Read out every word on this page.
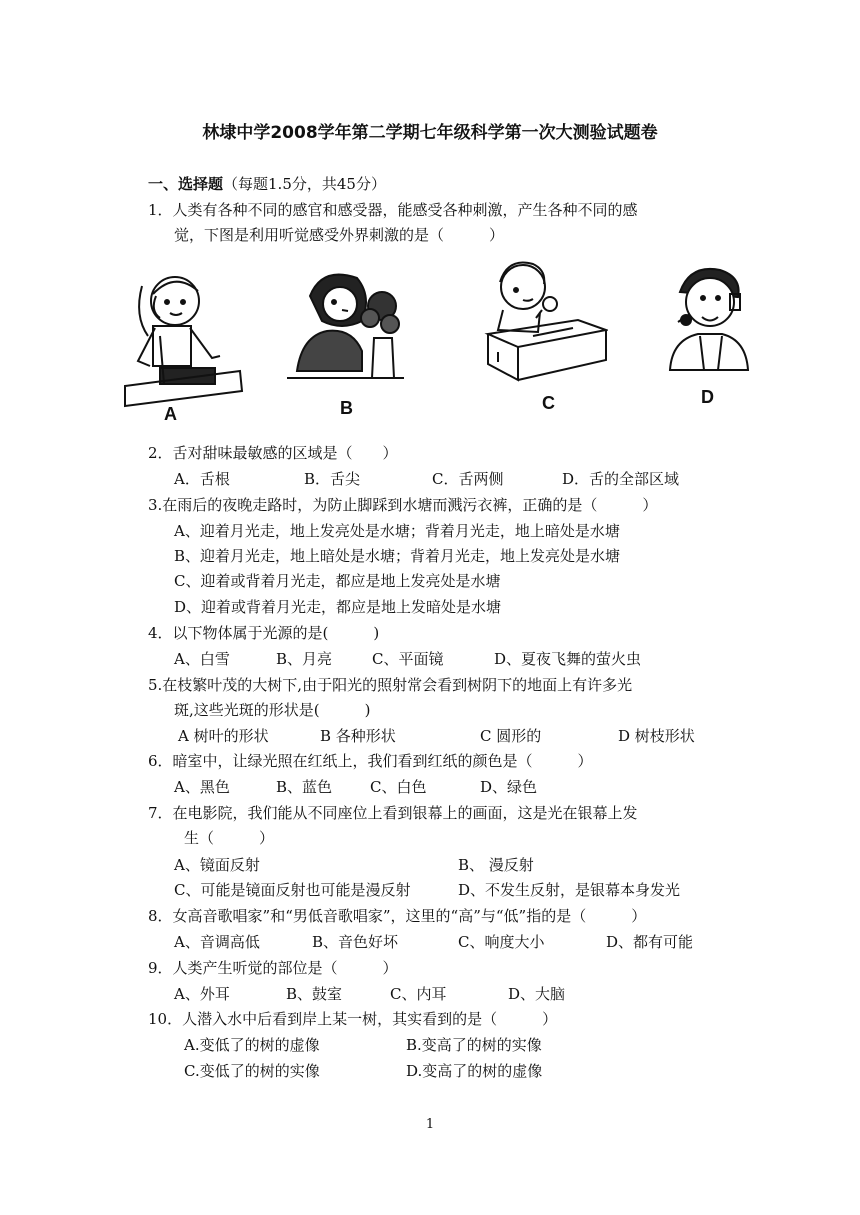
林埭中学2008学年第二学期七年级科学第一次大测验试题卷
一、选择题（每题1.5分，共45分）
1．人类有各种不同的感官和感受器，能感受各种刺激，产生各种不同的感
觉，下图是利用听觉感受外界刺激的是（　　　）
A	B	C	D
2．舌对甜味最敏感的区域是（　　）
A．舌根	B．舌尖	C．舌两侧	D．舌的全部区域
3.在雨后的夜晚走路时，为防止脚踩到水塘而溅污衣裤，正确的是（　　　）
A、迎着月光走，地上发亮处是水塘；背着月光走，地上暗处是水塘
B、迎着月光走，地上暗处是水塘；背着月光走，地上发亮处是水塘
C、迎着或背着月光走，都应是地上发亮处是水塘
D、迎着或背着月光走，都应是地上发暗处是水塘
4．以下物体属于光源的是(　　　)
A、白雪	B、月亮	C、平面镜	D、夏夜飞舞的萤火虫
5.在枝繁叶茂的大树下,由于阳光的照射常会看到树阴下的地面上有许多光
斑,这些光斑的形状是(　　　)
A 树叶的形状	B 各种形状	C 圆形的	D 树枝形状
6．暗室中，让绿光照在红纸上，我们看到红纸的颜色是（　　　）
A、黑色	B、蓝色	C、白色	D、绿色
7．在电影院，我们能从不同座位上看到银幕上的画面，这是光在银幕上发
生（　　　）
A、镜面反射	B、 漫反射
C、可能是镜面反射也可能是漫反射	D、不发生反射，是银幕本身发光
8．女高音歌唱家”和“男低音歌唱家”，这里的“高”与“低”指的是（　　　）
A、音调高低	B、音色好坏	C、响度大小	D、都有可能
9．人类产生听觉的部位是（　　　）
A、外耳	B、鼓室	C、内耳	D、大脑
10．人潜入水中后看到岸上某一树，其实看到的是（　　　）
A.变低了的树的虚像	B.变高了的树的实像
C.变低了的树的实像	D.变高了的树的虚像
1
